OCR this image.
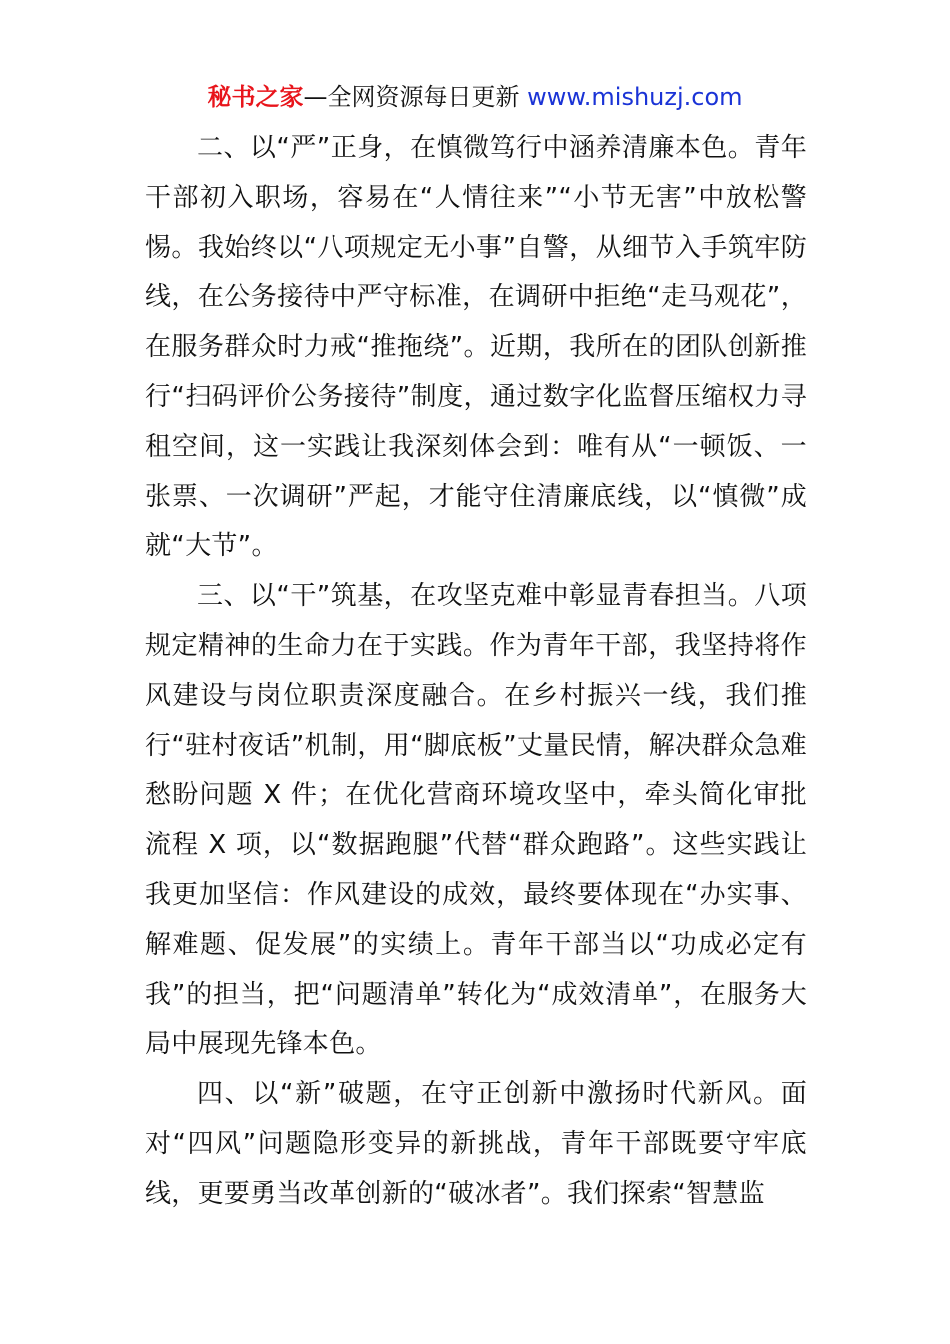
秘书之家—全网资源每日更新 www.mishuzj.com

二、以“严”正身，在慎微笃行中涵养清廉本色。青年干部初入职场，容易在“人情往来”“小节无害”中放松警惕。我始终以“八项规定无小事”自警，从细节入手筑牢防线，在公务接待中严守标准，在调研中拒绝“走马观花”，在服务群众时力戒“推拖绕”。近期，我所在的团队创新推行“扫码评价公务接待”制度，通过数字化监督压缩权力寻租空间，这一实践让我深刻体会到：唯有从“一顿饭、一张票、一次调研”严起，才能守住清廉底线，以“慎微”成就“大节”。

三、以“干”筑基，在攻坚克难中彰显青春担当。八项规定精神的生命力在于实践。作为青年干部，我坚持将作风建设与岗位职责深度融合。在乡村振兴一线，我们推行“驻村夜话”机制，用“脚底板”丈量民情，解决群众急难愁盼问题 X 件；在优化营商环境攻坚中，牵头简化审批流程 X 项，以“数据跑腿”代替“群众跑路”。这些实践让我更加坚信：作风建设的成效，最终要体现在“办实事、解难题、促发展”的实绩上。青年干部当以“功成必定有我”的担当，把“问题清单”转化为“成效清单”，在服务大局中展现先锋本色。

四、以“新”破题，在守正创新中激扬时代新风。面对“四风”问题隐形变异的新挑战，青年干部既要守牢底线，更要勇当改革创新的“破冰者”。我们探索“智慧监
